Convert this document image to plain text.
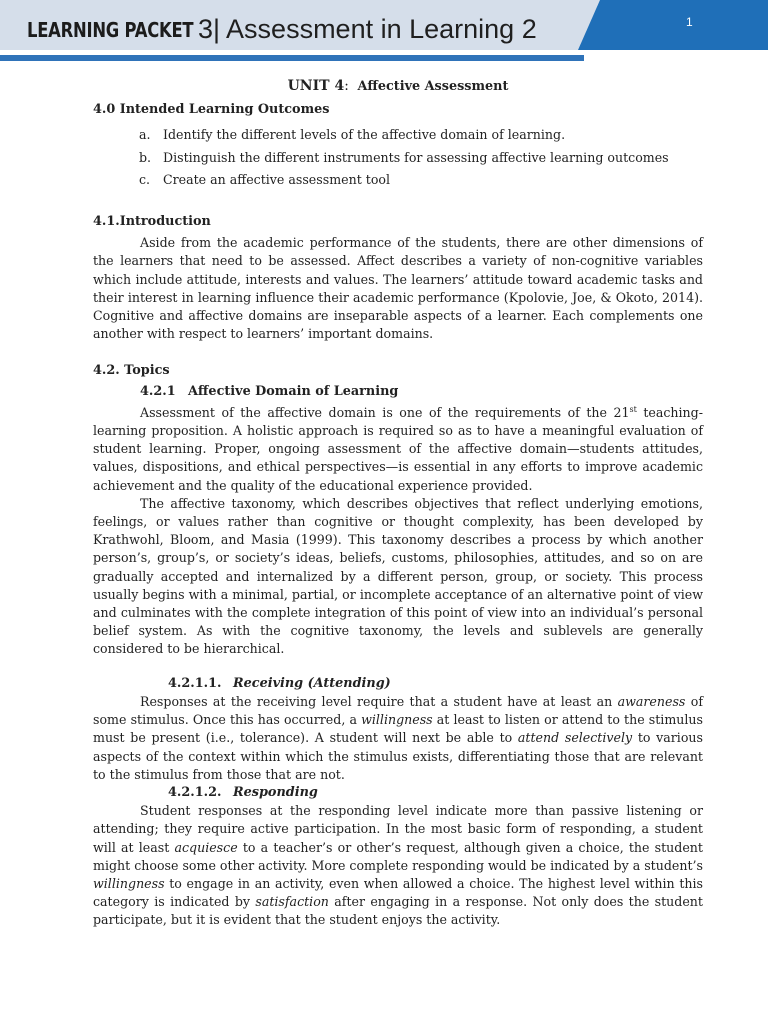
LEARNING PACKET 3| Assessment in Learning 2	1
UNIT 4: Affective Assessment
4.0 Intended Learning Outcomes
a. Identify the different levels of the affective domain of learning.
b. Distinguish the different instruments for assessing affective learning outcomes
c. Create an affective assessment tool
4.1.Introduction

Aside from the academic performance of the students, there are other dimensions of the learners that need to be assessed. Affect describes a variety of non-cognitive variables which include attitude, interests and values. The learners’ attitude toward academic tasks and their interest in learning influence their academic performance (Kpolovie, Joe, & Okoto, 2014). Cognitive and affective domains are inseparable aspects of a learner. Each complements one another with respect to learners’ important domains.

4.2. Topics
4.2.1 Affective Domain of Learning

Assessment of the affective domain is one of the requirements of the 21st teaching-learning proposition. A holistic approach is required so as to have a meaningful evaluation of student learning. Proper, ongoing assessment of the affective domain—students attitudes, values, dispositions, and ethical perspectives—is essential in any efforts to improve academic achievement and the quality of the educational experience provided.

The affective taxonomy, which describes objectives that reflect underlying emotions, feelings, or values rather than cognitive or thought complexity, has been developed by Krathwohl, Bloom, and Masia (1999). This taxonomy describes a process by which another person’s, group’s, or society’s ideas, beliefs, customs, philosophies, attitudes, and so on are gradually accepted and internalized by a different person, group, or society. This process usually begins with a minimal, partial, or incomplete acceptance of an alternative point of view and culminates with the complete integration of this point of view into an individual’s personal belief system. As with the cognitive taxonomy, the levels and sublevels are generally considered to be hierarchical.

4.2.1.1. Receiving (Attending)

Responses at the receiving level require that a student have at least an awareness of some stimulus. Once this has occurred, a willingness at least to listen or attend to the stimulus must be present (i.e., tolerance). A student will next be able to attend selectively to various aspects of the context within which the stimulus exists, differentiating those that are relevant to the stimulus from those that are not.

4.2.1.2. Responding

Student responses at the responding level indicate more than passive listening or attending; they require active participation. In the most basic form of responding, a student will at least acquiesce to a teacher’s or other’s request, although given a choice, the student might choose some other activity. More complete responding would be indicated by a student’s willingness to engage in an activity, even when allowed a choice. The highest level within this category is indicated by satisfaction after engaging in a response. Not only does the student participate, but it is evident that the student enjoys the activity.
